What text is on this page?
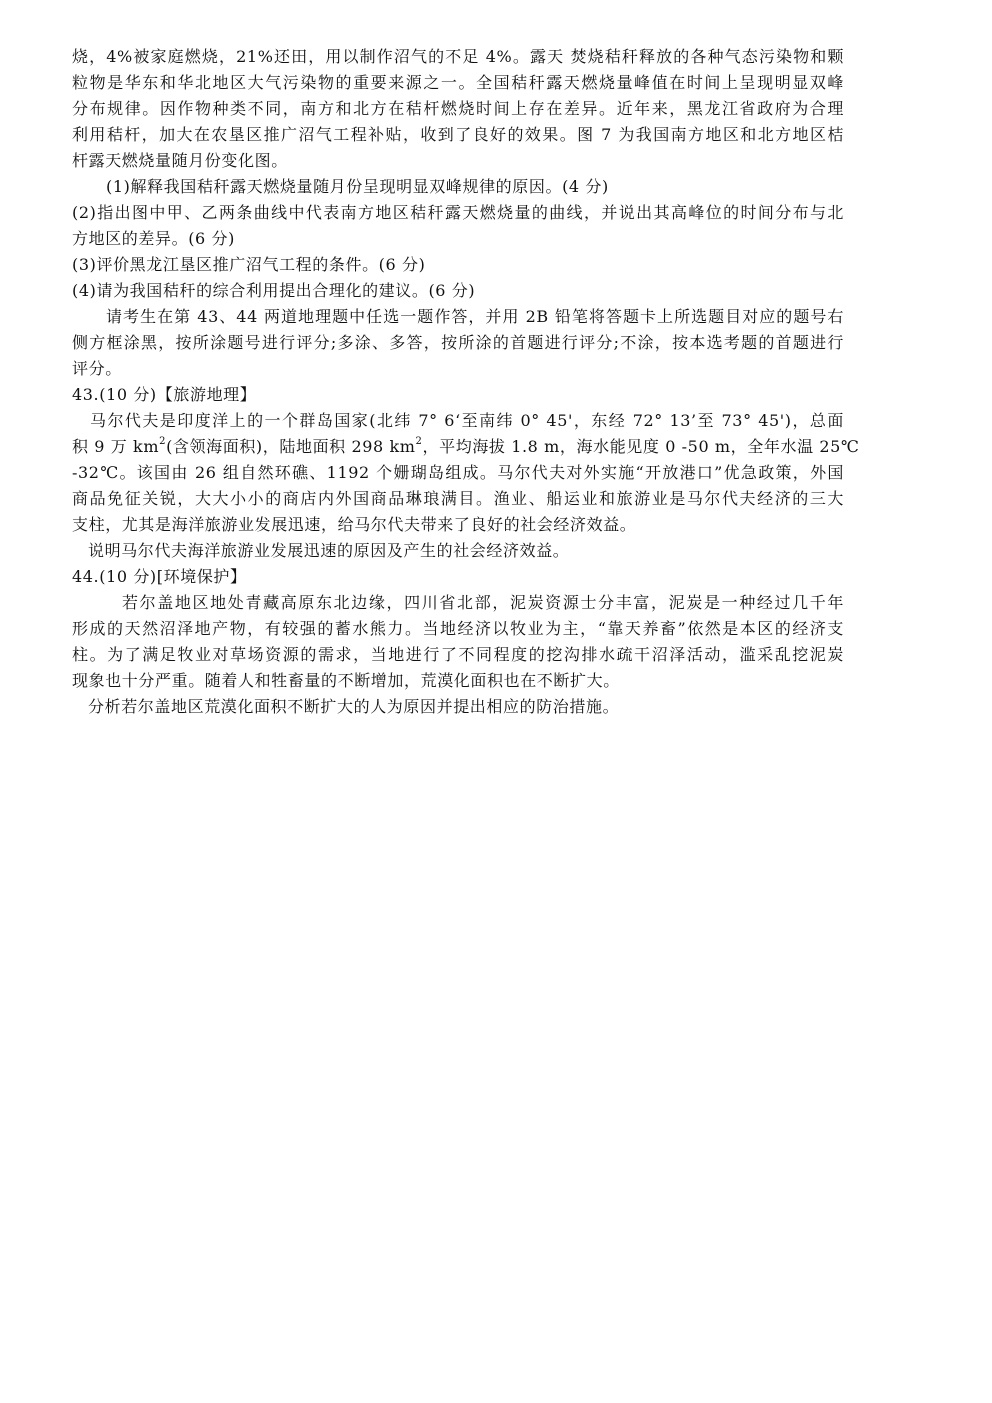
烧，4%被家庭燃烧，21%还田，用以制作沼气的不足 4%。露天 焚烧秸秆释放的各种气态污染物和颗
粒物是华东和华北地区大气污染物的重要来源之一。全国秸秆露天燃烧量峰值在时间上呈现明显双峰
分布规律。因作物种类不同，南方和北方在秸杆燃烧时间上存在差异。近年来，黑龙江省政府为合理
利用秸杆，加大在农垦区推广沼气工程补贴，收到了良好的效果。图 7 为我国南方地区和北方地区桔
杆露天燃烧量随月份变化图。
(1)解释我国秸秆露天燃烧量随月份呈现明显双峰规律的原因。(4 分)
(2)指出图中甲、乙两条曲线中代表南方地区秸秆露天燃烧量的曲线，并说出其高峰位的时间分布与北
方地区的差异。(6 分)
(3)评价黑龙江垦区推广沼气工程的条件。(6 分)
(4)请为我国秸秆的综合利用提出合理化的建议。(6 分)
请考生在第 43、44 两道地理题中任选一题作答，并用 2B 铅笔将答题卡上所选题目对应的题号右
侧方框涂黑，按所涂题号进行评分;多涂、多答，按所涂的首题进行评分;不涂，按本选考题的首题进行
评分。
43.(10 分)【旅游地理】
马尔代夫是印度洋上的一个群岛国家(北纬 7° 6‘至南纬 0° 45'，东经 72° 13’至 73° 45')，总面
积 9 万 $km^2$(含领海面积)，陆地面积 298 $km^2$，平均海拔 1.8 m，海水能见度 0 -50 m，全年水温 25℃
-32℃。该国由 26 组自然环礁、1192 个姗瑚岛组成。马尔代夫对外实施“开放港口”优急政策，外国
商品免征关锐，大大小小的商店内外国商品琳琅满目。渔业、船运业和旅游业是马尔代夫经济的三大
支柱，尤其是海洋旅游业发展迅速，给马尔代夫带来了良好的社会经济效益。
说明马尔代夫海洋旅游业发展迅速的原因及产生的社会经济效益。
44.(10 分)[环境保护】
若尔盖地区地处青藏高原东北边缘，四川省北部，泥炭资源士分丰富，泥炭是一种经过几千年
形成的天然沼泽地产物，有较强的蓄水熊力。当地经济以牧业为主，“靠天养畜”依然是本区的经济支
柱。为了满足牧业对草场资源的需求，当地进行了不同程度的挖沟排水疏干沼泽活动，滥采乱挖泥炭
现象也十分严重。随着人和牲畜量的不断增加，荒漠化面积也在不断扩大。
分析若尔盖地区荒漠化面积不断扩大的人为原因并提出相应的防治措施。
